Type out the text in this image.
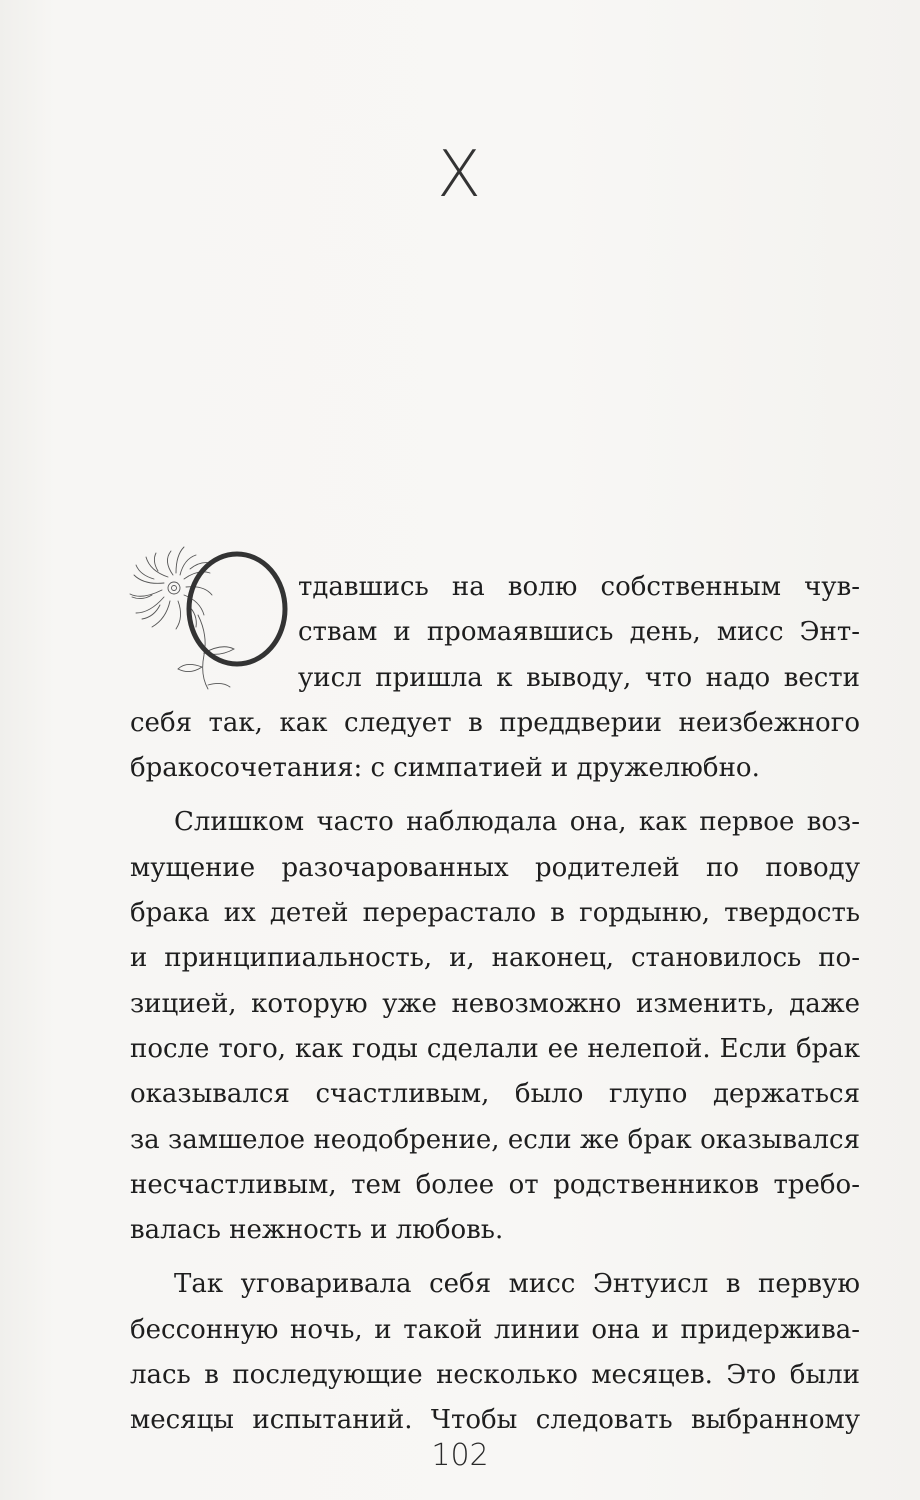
X
тдавшись на волю собственным чув-
ствам и промаявшись день, мисс Энт-
уисл пришла к выводу, что надо вести
себя так, как следует в преддверии неизбежного
бракосочетания: с симпатией и дружелюбно.
Слишком часто наблюдала она, как первое воз-
мущение разочарованных родителей по поводу
брака их детей перерастало в гордыню, твердость
и принципиальность, и, наконец, становилось по-
зицией, которую уже невозможно изменить, даже
после того, как годы сделали ее нелепой. Если брак
оказывался счастливым, было глупо держаться
за замшелое неодобрение, если же брак оказывался
несчастливым, тем более от родственников требо-
валась нежность и любовь.
Так уговаривала себя мисс Энтуисл в первую
бессонную ночь, и такой линии она и придержива-
лась в последующие несколько месяцев. Это были
месяцы испытаний. Чтобы следовать выбранному
102
